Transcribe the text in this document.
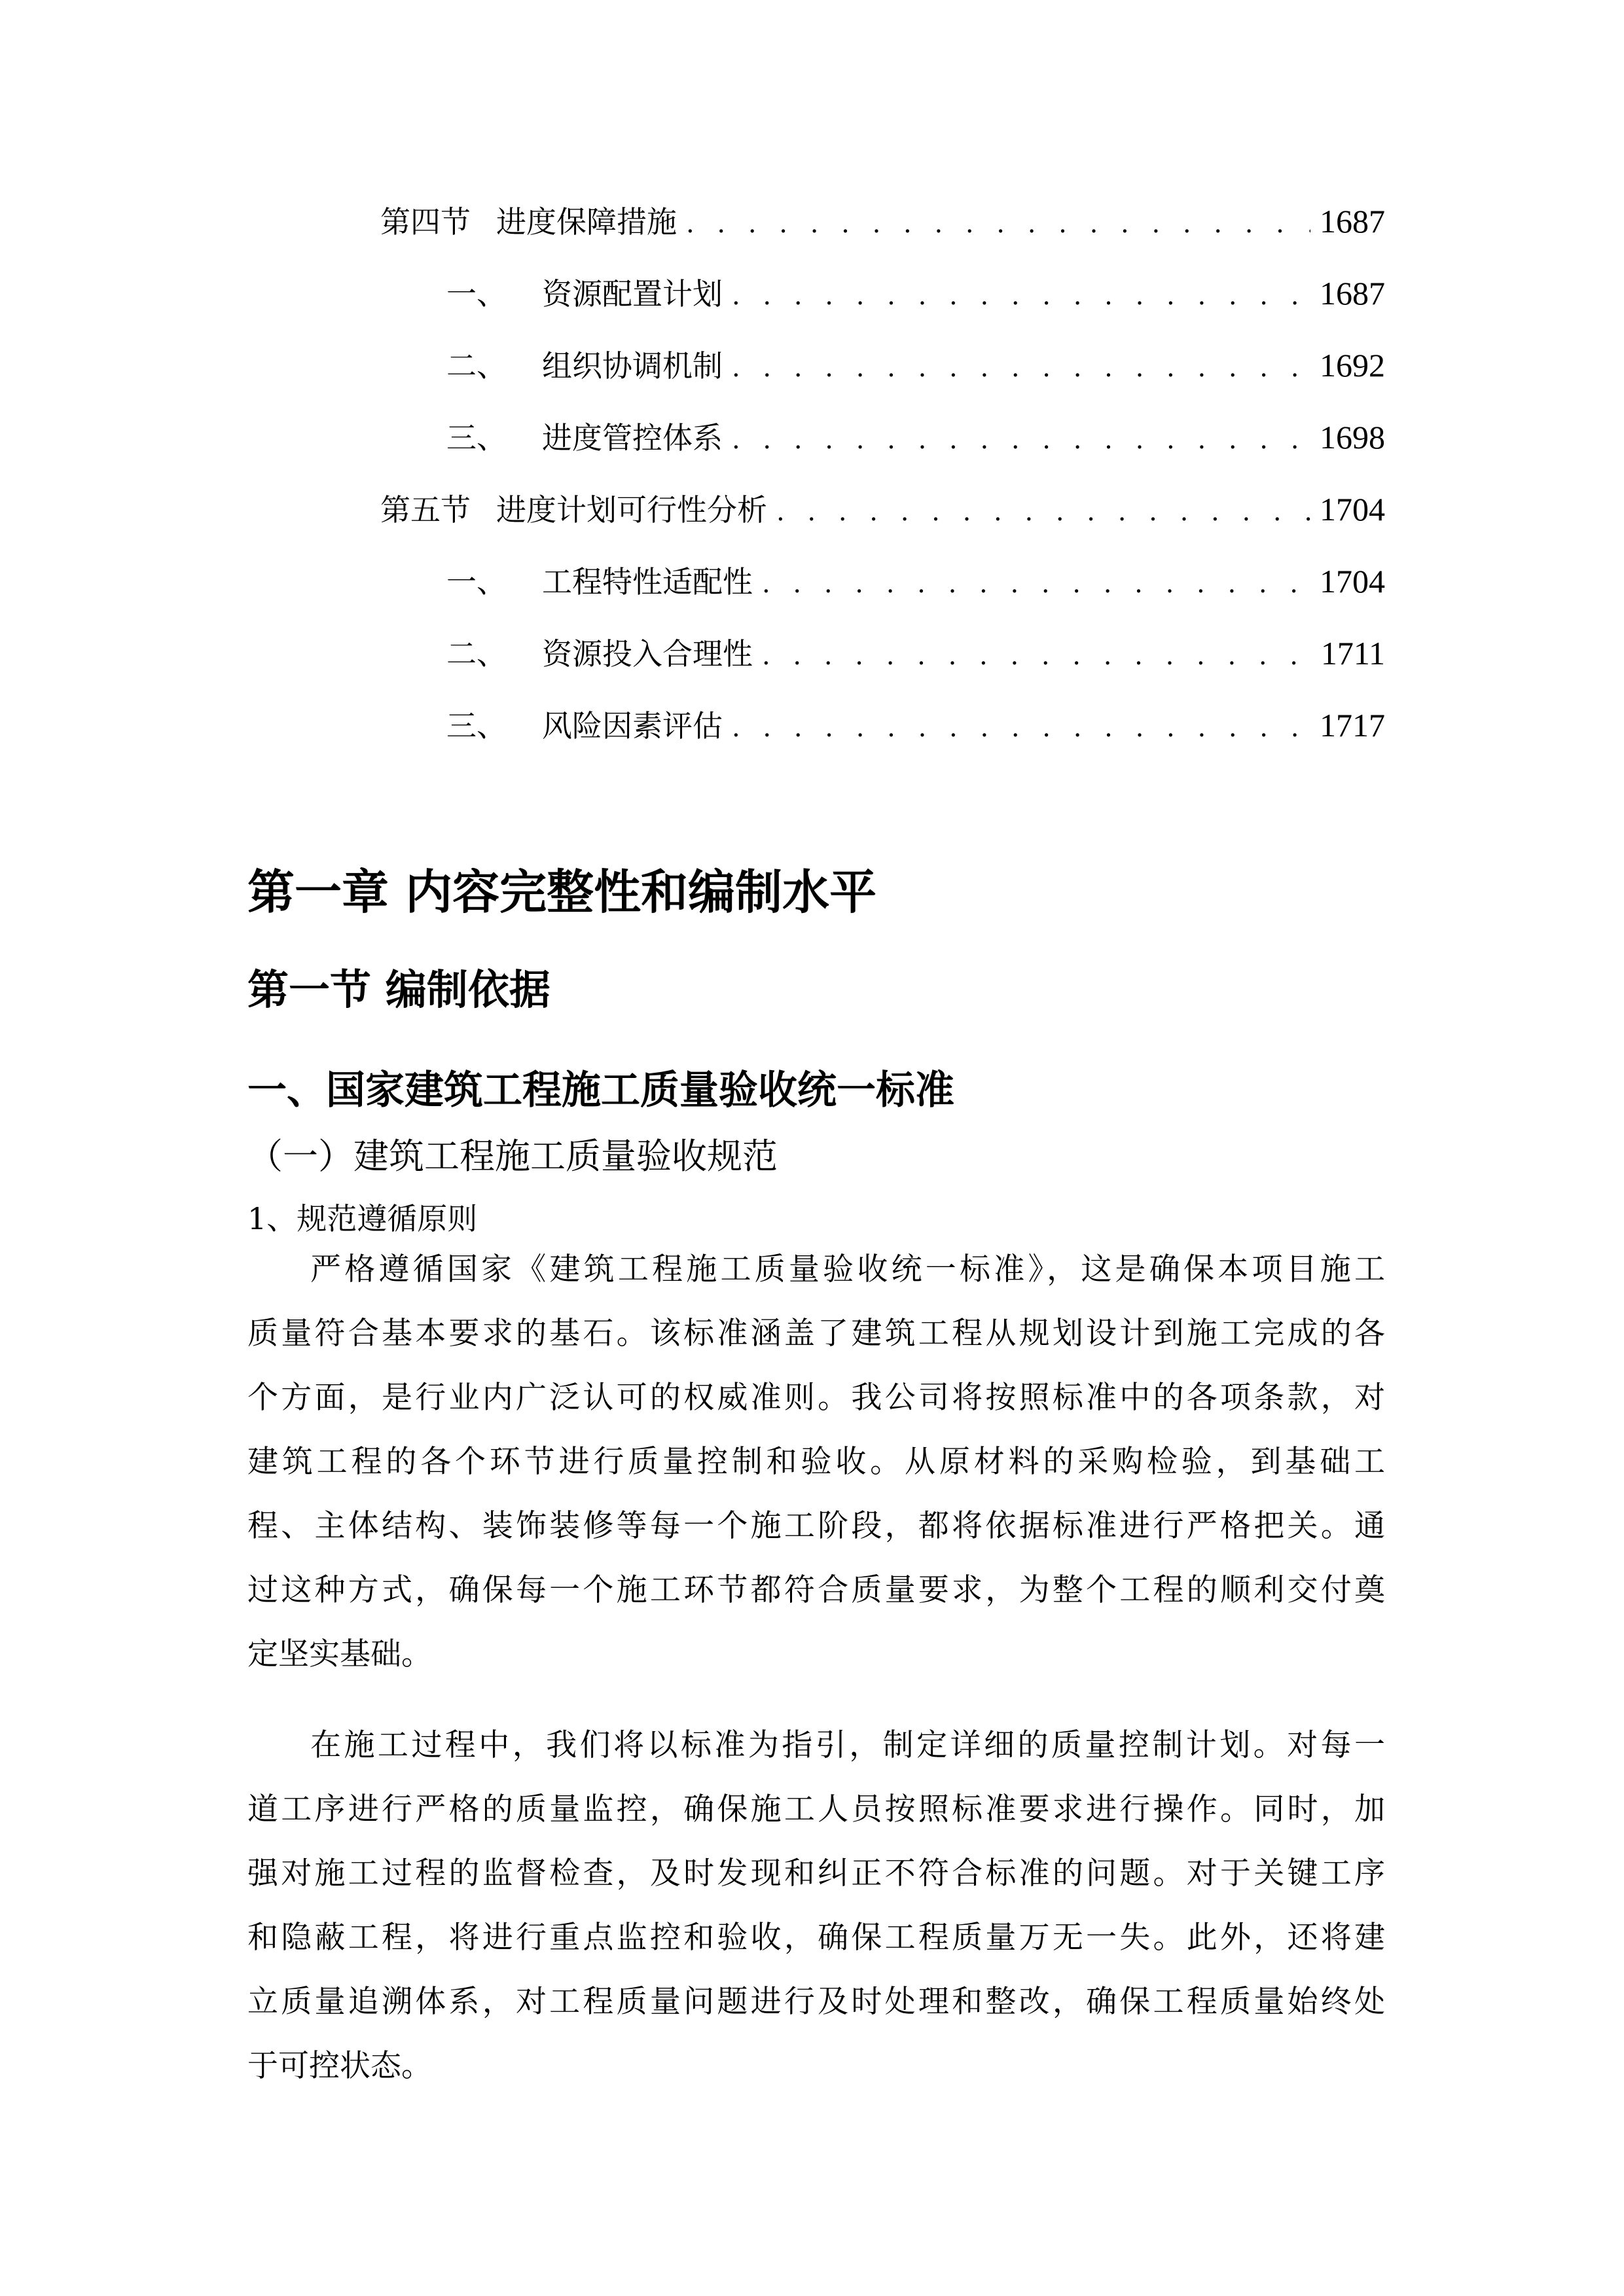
第四节 进度保障措施 . . .	1687
一、	资源配置计划 . . .	1687
二、	组织协调机制 . . .	1692
三、	进度管控体系 . . .	1698
第五节 进度计划可行性分析 . . .	1704
一、	工程特性适配性 . . .	1704
二、	资源投入合理性 . . .	1711
三、	风险因素评估 . . .	1717
第一章 内容完整性和编制水平
第一节 编制依据
一、国家建筑工程施工质量验收统一标准
（一）建筑工程施工质量验收规范
1、规范遵循原则
严格遵循国家《建筑工程施工质量验收统一标准》，这是确保本项目施工
质量符合基本要求的基石。该标准涵盖了建筑工程从规划设计到施工完成的各
个方面，是行业内广泛认可的权威准则。我公司将按照标准中的各项条款，对
建筑工程的各个环节进行质量控制和验收。从原材料的采购检验，到基础工
程、主体结构、装饰装修等每一个施工阶段，都将依据标准进行严格把关。通
过这种方式，确保每一个施工环节都符合质量要求，为整个工程的顺利交付奠
定坚实基础。
在施工过程中，我们将以标准为指引，制定详细的质量控制计划。对每一
道工序进行严格的质量监控，确保施工人员按照标准要求进行操作。同时，加
强对施工过程的监督检查，及时发现和纠正不符合标准的问题。对于关键工序
和隐蔽工程，将进行重点监控和验收，确保工程质量万无一失。此外，还将建
立质量追溯体系，对工程质量问题进行及时处理和整改，确保工程质量始终处
于可控状态。
